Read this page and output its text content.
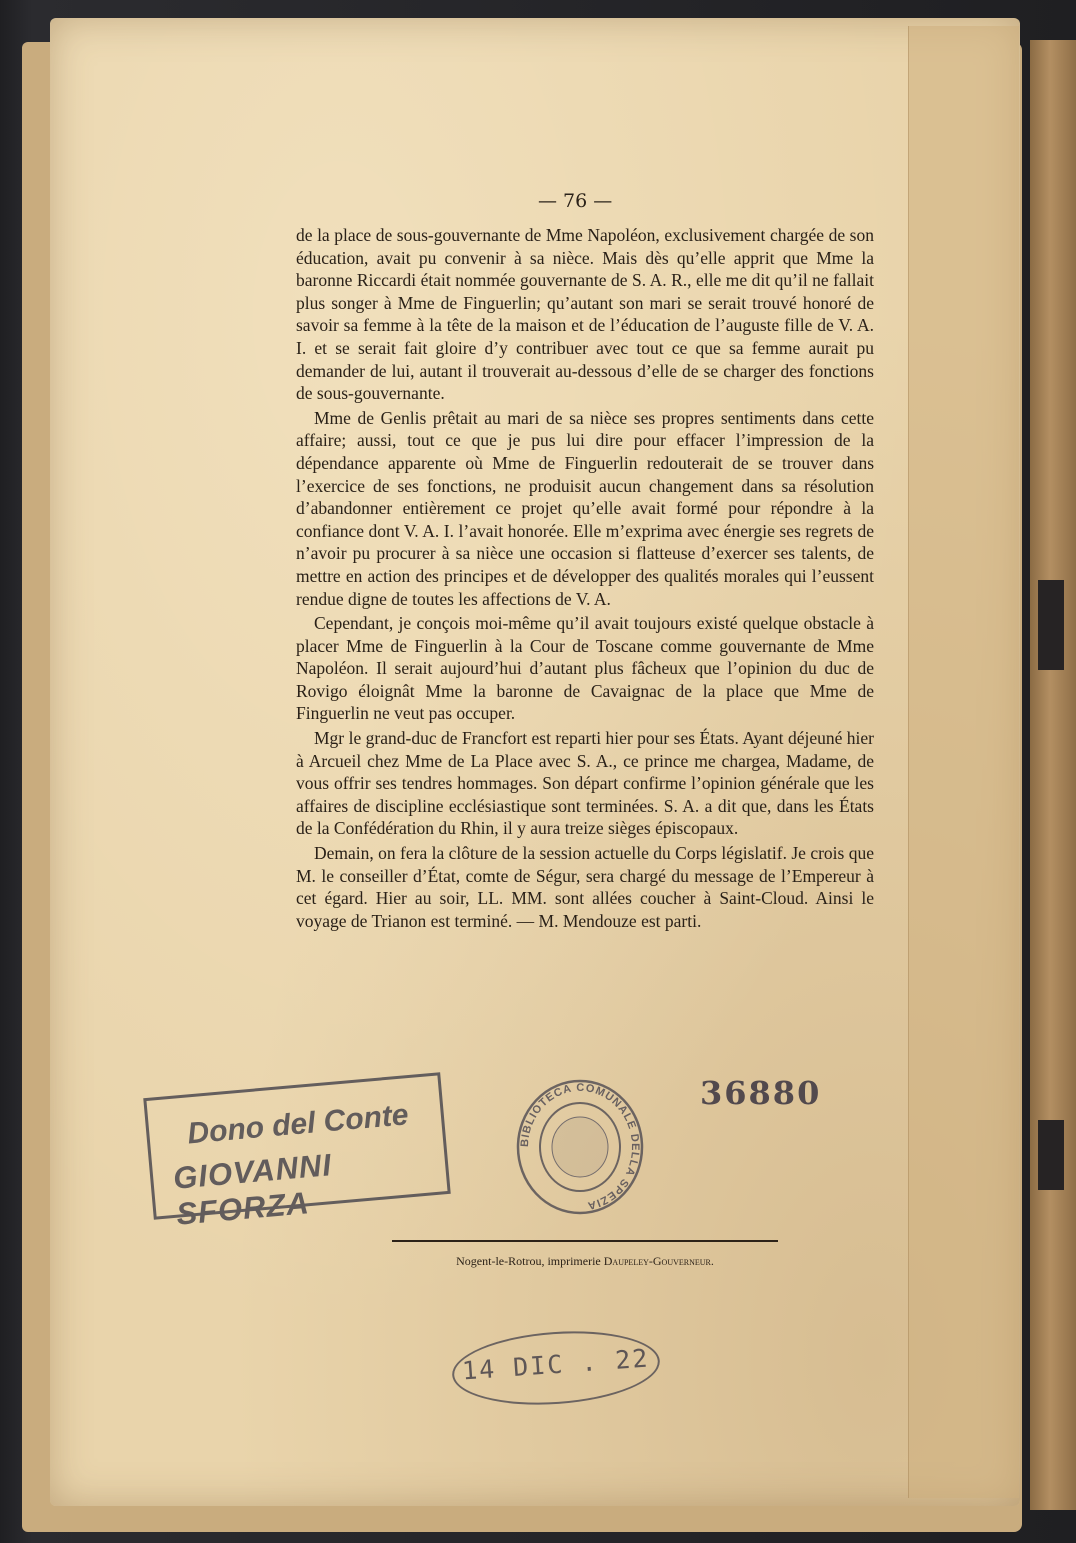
— 76 —

de la place de sous-gouvernante de Mme Napoléon, exclusivement chargée de son éducation, avait pu convenir à sa nièce. Mais dès qu’elle apprit que Mme la baronne Riccardi était nommée gouvernante de S. A. R., elle me dit qu’il ne fallait plus songer à Mme de Finguerlin; qu’autant son mari se serait trouvé honoré de savoir sa femme à la tête de la maison et de l’éducation de l’auguste fille de V. A. I. et se serait fait gloire d’y contribuer avec tout ce que sa femme aurait pu demander de lui, autant il trouverait au-dessous d’elle de se charger des fonctions de sous-gouvernante.

Mme de Genlis prêtait au mari de sa nièce ses propres sentiments dans cette affaire; aussi, tout ce que je pus lui dire pour effacer l’impression de la dépendance apparente où Mme de Finguerlin redouterait de se trouver dans l’exercice de ses fonctions, ne produisit aucun changement dans sa résolution d’abandonner entièrement ce projet qu’elle avait formé pour répondre à la confiance dont V. A. I. l’avait honorée. Elle m’exprima avec énergie ses regrets de n’avoir pu procurer à sa nièce une occasion si flatteuse d’exercer ses talents, de mettre en action des principes et de développer des qualités morales qui l’eussent rendue digne de toutes les affections de V. A.

Cependant, je conçois moi-même qu’il avait toujours existé quelque obstacle à placer Mme de Finguerlin à la Cour de Toscane comme gouvernante de Mme Napoléon. Il serait aujourd’hui d’autant plus fâcheux que l’opinion du duc de Rovigo éloignât Mme la baronne de Cavaignac de la place que Mme de Finguerlin ne veut pas occuper.

Mgr le grand-duc de Francfort est reparti hier pour ses États. Ayant déjeuné hier à Arcueil chez Mme de La Place avec S. A., ce prince me chargea, Madame, de vous offrir ses tendres hommages. Son départ confirme l’opinion générale que les affaires de discipline ecclésiastique sont terminées. S. A. a dit que, dans les États de la Confédération du Rhin, il y aura treize sièges épiscopaux.

Demain, on fera la clôture de la session actuelle du Corps législatif. Je crois que M. le conseiller d’État, comte de Ségur, sera chargé du message de l’Empereur à cet égard. Hier au soir, LL. MM. sont allées coucher à Saint-Cloud. Ainsi le voyage de Trianon est terminé. — M. Mendouze est parti.

Dono del Conte
GIOVANNI SFORZA
BIBLIOTECA COMUNALE DELLA SPEZIA
36880
Nogent-le-Rotrou, imprimerie Daupeley-Gouverneur.
14 DIC . 22
